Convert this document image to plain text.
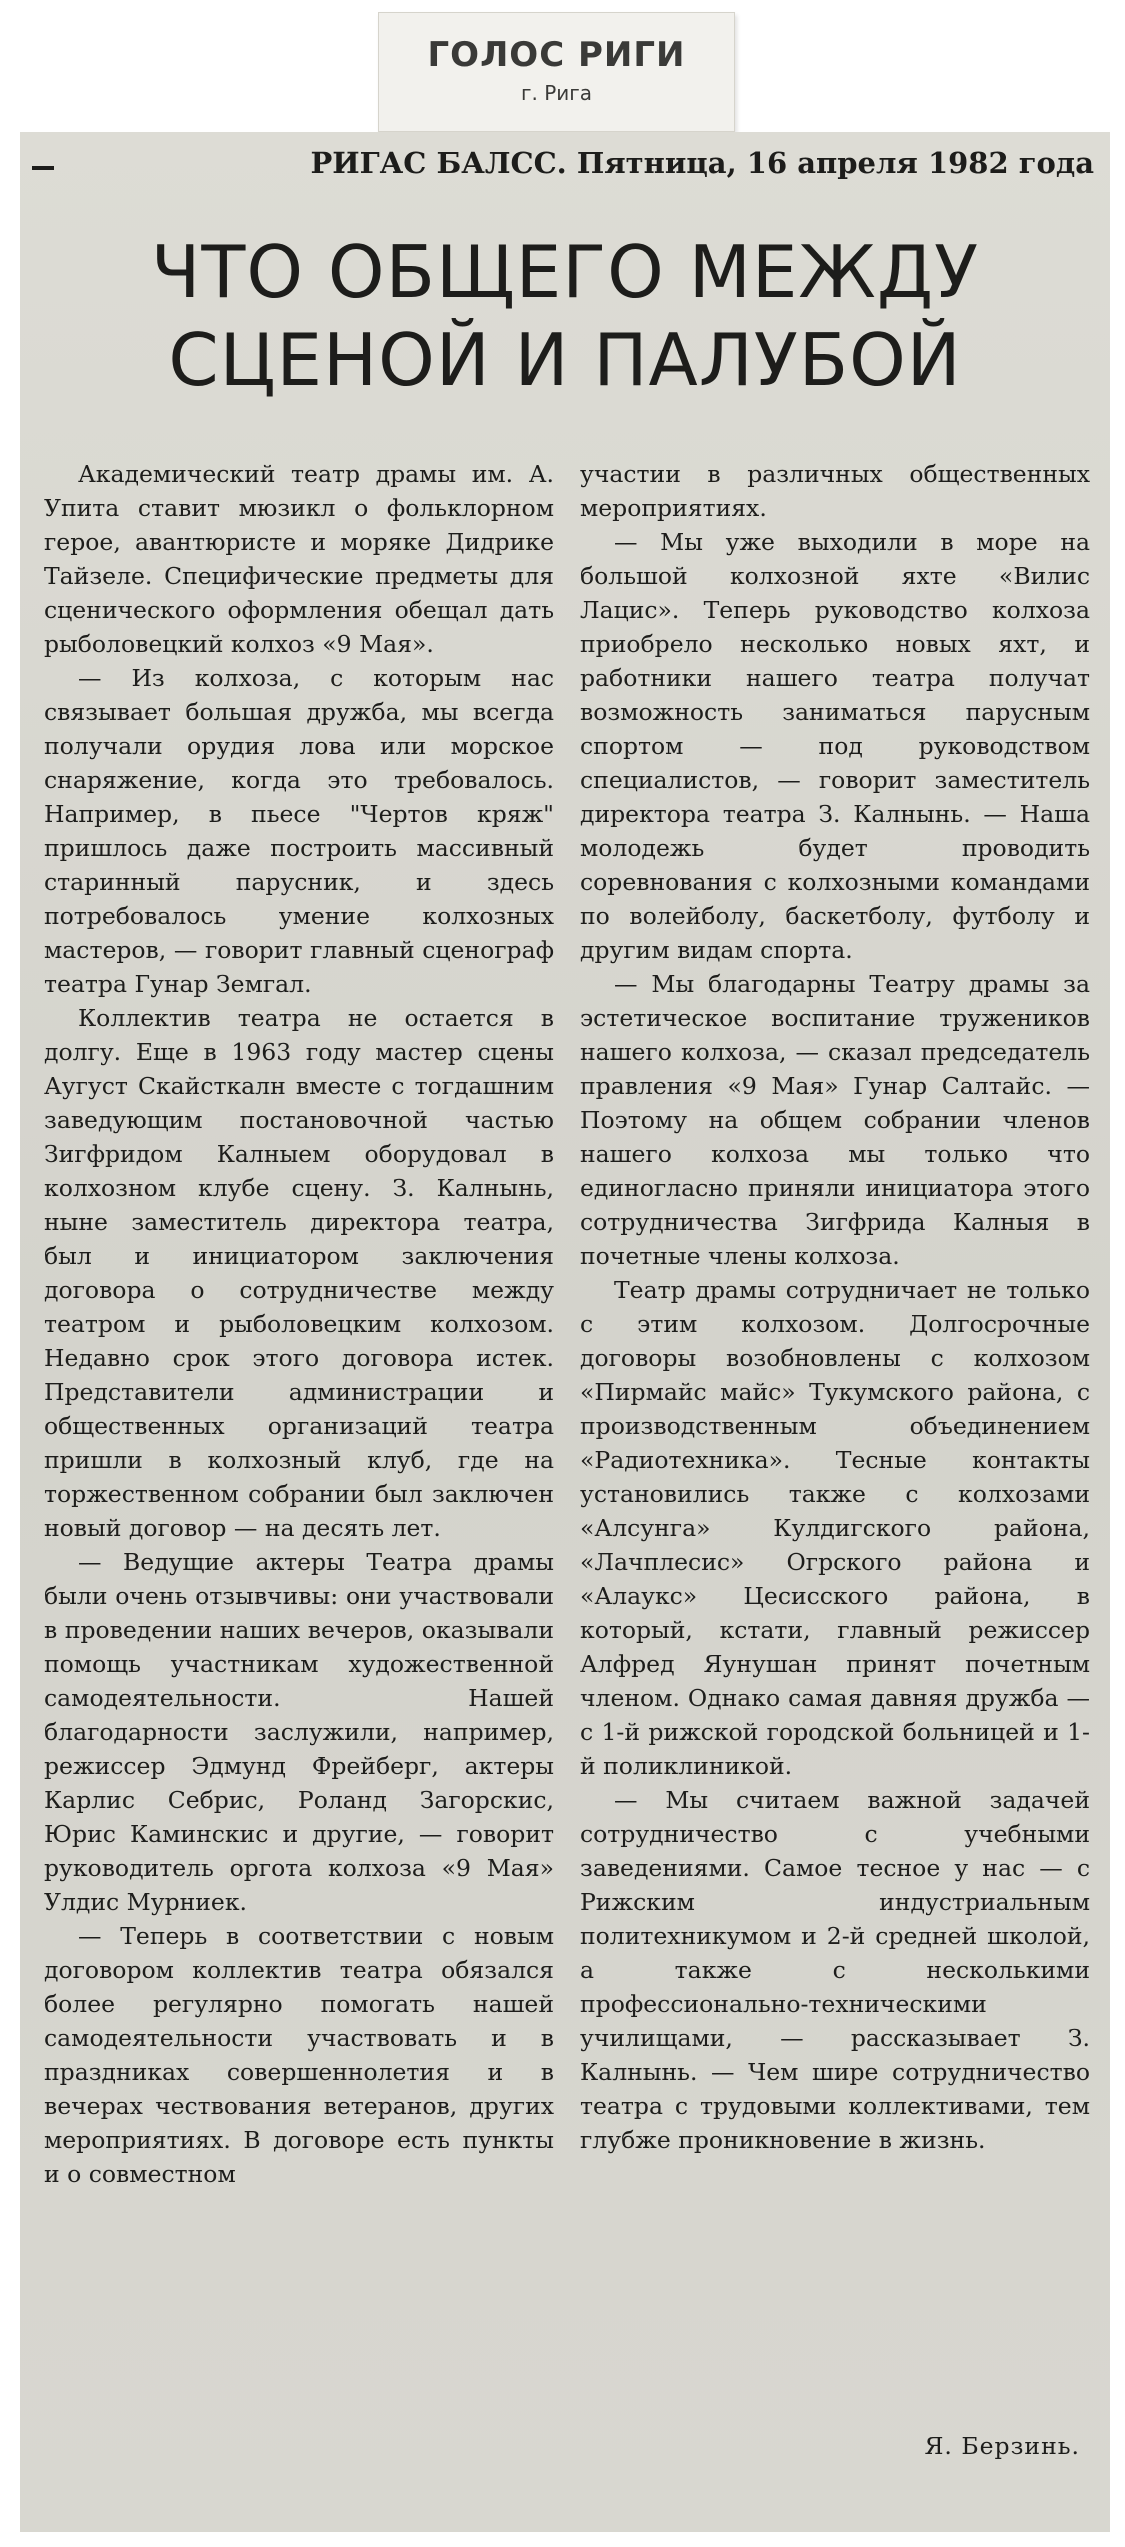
ГОЛОС РИГИ
г. Рига
РИГАС БАЛСС. Пятница, 16 апреля 1982 года
ЧТО ОБЩЕГО МЕЖДУ
СЦЕНОЙ И ПАЛУБОЙ

Академический театр драмы им. А. Упита ставит мюзикл о фольклорном герое, авантюристе и моряке Дидрике Тайзеле. Специфические предметы для сценического оформления обещал дать рыболовецкий колхоз «9 Мая».

— Из колхоза, с которым нас связывает большая дружба, мы всегда получали орудия лова или морское снаряжение, когда это требовалось. Например, в пьесе "Чертов кряж" пришлось даже построить массивный старинный парусник, и здесь потребовалось умение колхозных мастеров, — говорит главный сценограф театра Гунар Земгал.

Коллектив театра не остается в долгу. Еще в 1963 году мастер сцены Аугуст Скайсткалн вместе с тогдашним заведующим постановочной частью Зигфридом Калныем оборудовал в колхозном клубе сцену. З. Калнынь, ныне заместитель директора театра, был и инициатором заключения договора о сотрудничестве между театром и рыболовецким колхозом. Недавно срок этого договора истек. Представители администрации и общественных организаций театра пришли в колхозный клуб, где на торжественном собрании был заключен новый договор — на десять лет.

— Ведущие актеры Театра драмы были очень отзывчивы: они участвовали в проведении наших вечеров, оказывали помощь участникам художественной самодеятельности. Нашей благодарности заслужили, например, режиссер Эдмунд Фрейберг, актеры Карлис Себрис, Роланд Загорскис, Юрис Каминскис и другие, — говорит руководитель оргота колхоза «9 Мая» Улдис Мурниек.

— Теперь в соответствии с новым договором коллектив театра обязался более регулярно помогать нашей самодеятельности участвовать и в праздниках совершеннолетия и в вечерах чествования ветеранов, других мероприятиях. В договоре есть пункты и о совместном

участии в различных общественных мероприятиях.

— Мы уже выходили в море на большой колхозной яхте «Вилис Лацис». Теперь руководство колхоза приобрело несколько новых яхт, и работники нашего театра получат возможность заниматься парусным спортом — под руководством специалистов, — говорит заместитель директора театра З. Калнынь. — Наша молодежь будет проводить соревнования с колхозными командами по волейболу, баскетболу, футболу и другим видам спорта.

— Мы благодарны Театру драмы за эстетическое воспитание тружеников нашего колхоза, — сказал председатель правления «9 Мая» Гунар Салтайс. — Поэтому на общем собрании членов нашего колхоза мы только что единогласно приняли инициатора этого сотрудничества Зигфрида Калныя в почетные члены колхоза.

Театр драмы сотрудничает не только с этим колхозом. Долгосрочные договоры возобновлены с колхозом «Пирмайс майс» Тукумского района, с производственным объединением «Радиотехника». Тесные контакты установились также с колхозами «Алсунга» Кулдигского района, «Лачплесис» Огрского района и «Алаукс» Цесисского района, в который, кстати, главный режиссер Алфред Яунушан принят почетным членом. Однако самая давняя дружба — с 1-й рижской городской больницей и 1-й поликлиникой.

— Мы считаем важной задачей сотрудничество с учебными заведениями. Самое тесное у нас — с Рижским индустриальным политехникумом и 2-й средней школой, а также с несколькими профессионально-техническими училищами, — рассказывает З. Калнынь. — Чем шире сотрудничество театра с трудовыми коллективами, тем глубже проникновение в жизнь.

Я. Берзинь.
